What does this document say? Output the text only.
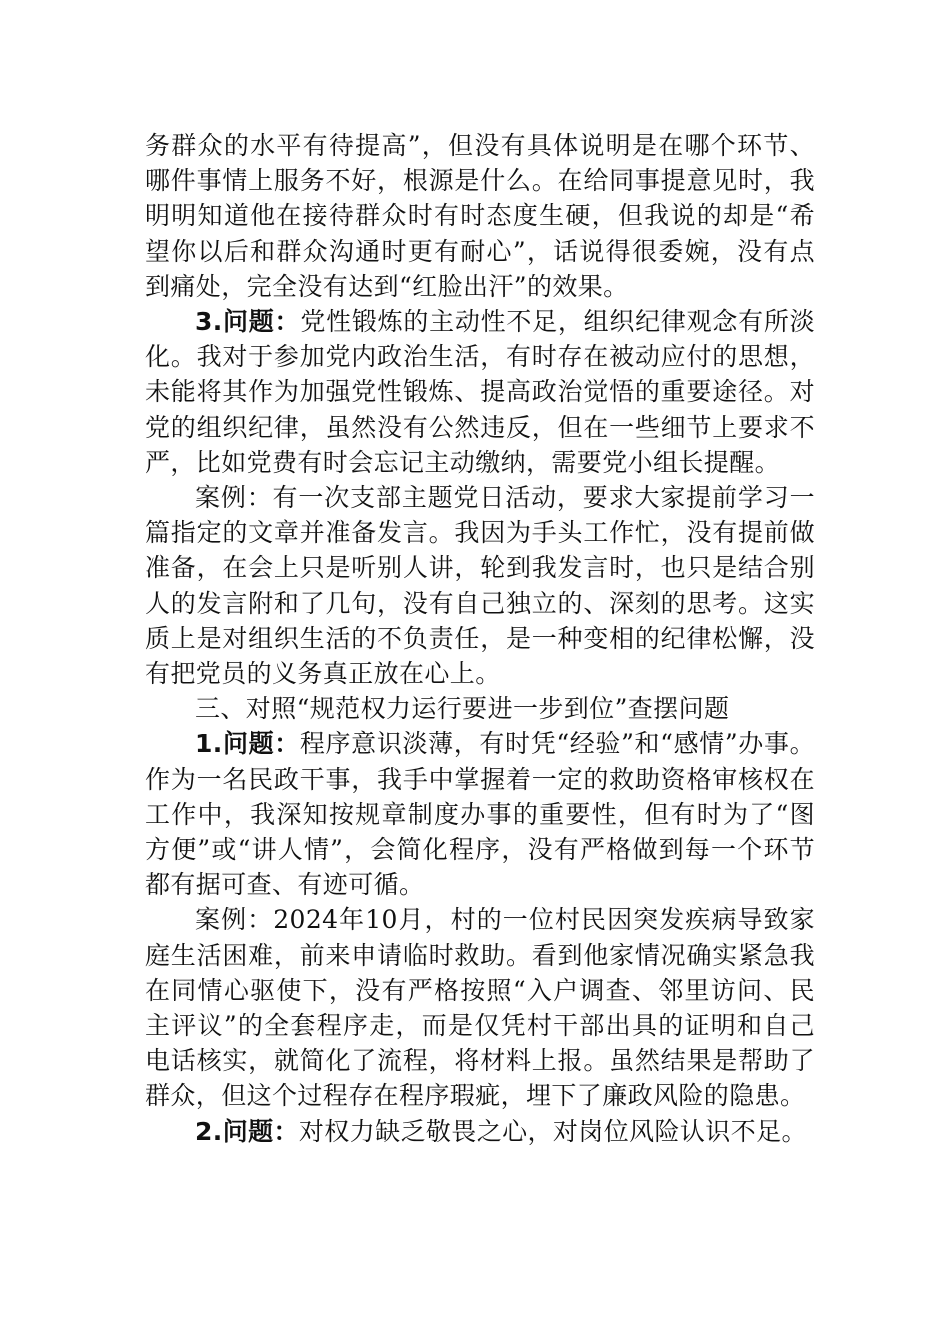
务群众的水平有待提高”，但没有具体说明是在哪个环节、哪件事情上服务不好，根源是什么。在给同事提意见时，我明明知道他在接待群众时有时态度生硬，但我说的却是“希望你以后和群众沟通时更有耐心”，话说得很委婉，没有点到痛处，完全没有达到“红脸出汗”的效果。

3.问题：党性锻炼的主动性不足，组织纪律观念有所淡化。我对于参加党内政治生活，有时存在被动应付的思想，未能将其作为加强党性锻炼、提高政治觉悟的重要途径。对党的组织纪律，虽然没有公然违反，但在一些细节上要求不严，比如党费有时会忘记主动缴纳，需要党小组长提醒。

案例：有一次支部主题党日活动，要求大家提前学习一篇指定的文章并准备发言。我因为手头工作忙，没有提前做准备，在会上只是听别人讲，轮到我发言时，也只是结合别人的发言附和了几句，没有自己独立的、深刻的思考。这实质上是对组织生活的不负责任，是一种变相的纪律松懈，没有把党员的义务真正放在心上。

三、对照“规范权力运行要进一步到位”查摆问题

1.问题：程序意识淡薄，有时凭“经验”和“感情”办事。作为一名民政干事，我手中掌握着一定的救助资格审核权在工作中，我深知按规章制度办事的重要性，但有时为了“图方便”或“讲人情”，会简化程序，没有严格做到每一个环节都有据可查、有迹可循。

案例：2024年10月，村的一位村民因突发疾病导致家庭生活困难，前来申请临时救助。看到他家情况确实紧急我在同情心驱使下，没有严格按照“入户调查、邻里访问、民主评议”的全套程序走，而是仅凭村干部出具的证明和自己电话核实，就简化了流程，将材料上报。虽然结果是帮助了群众，但这个过程存在程序瑕疵，埋下了廉政风险的隐患。

2.问题：对权力缺乏敬畏之心，对岗位风险认识不足。
